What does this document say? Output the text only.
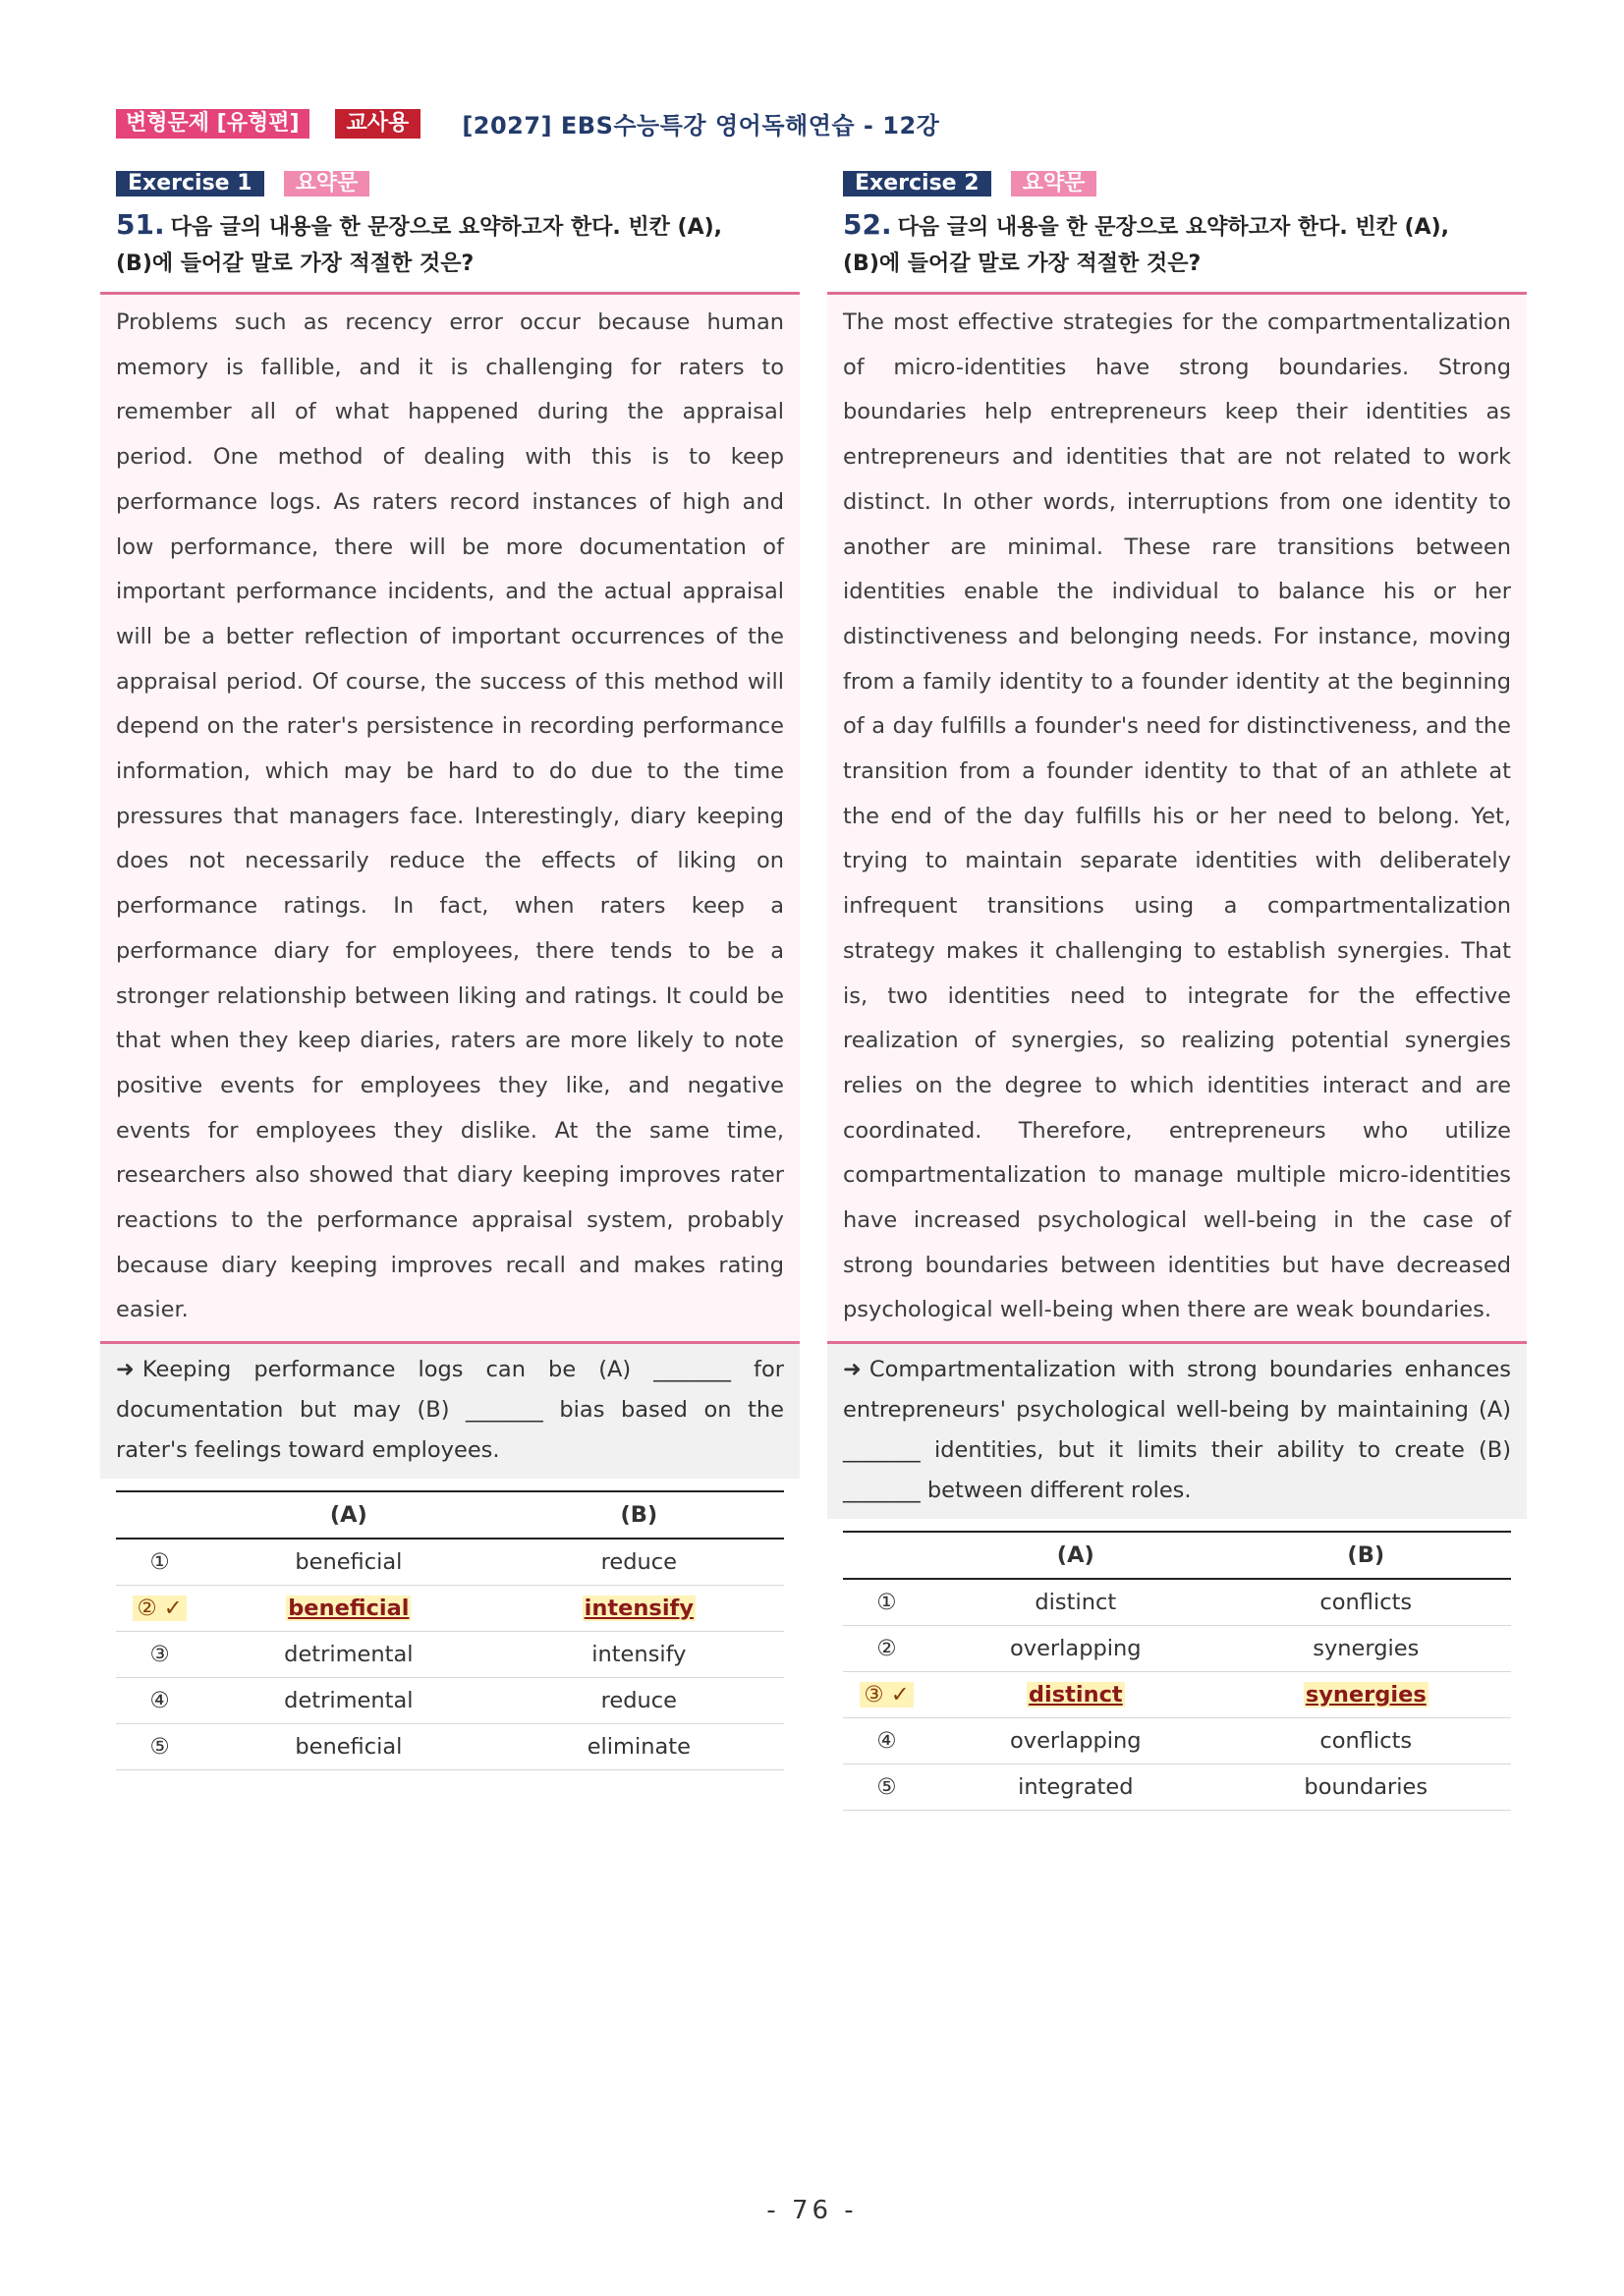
변형문제 [유형편]	교사용	[2027] EBS수능특강 영어독해연습 - 12강
Exercise 1	요약문
51. 다음 글의 내용을 한 문장으로 요약하고자 한다. 빈칸 (A),
(B)에 들어갈 말로 가장 적절한 것은?
Problems such as recency error occur because human memory is fallible, and it is challenging for raters to remember all of what happened during the appraisal period. One method of dealing with this is to keep performance logs. As raters record instances of high and low performance, there will be more documentation of important performance incidents, and the actual appraisal will be a better reflection of important occurrences of the appraisal period. Of course, the success of this method will depend on the rater's persistence in recording performance information, which may be hard to do due to the time pressures that managers face. Interestingly, diary keeping does not necessarily reduce the effects of liking on performance ratings. In fact, when raters keep a performance diary for employees, there tends to be a stronger relationship between liking and ratings. It could be that when they keep diaries, raters are more likely to note positive events for employees they like, and negative events for employees they dislike. At the same time, researchers also showed that diary keeping improves rater reactions to the performance appraisal system, probably because diary keeping improves recall and makes rating easier.
➜ Keeping performance logs can be (A) _______ for documentation but may (B) _______ bias based on the rater's feelings toward employees.
	(A)	(B)
①	beneficial	reduce
② ✓	beneficial	intensify
③	detrimental	intensify
④	detrimental	reduce
⑤	beneficial	eliminate
Exercise 2	요약문
52. 다음 글의 내용을 한 문장으로 요약하고자 한다. 빈칸 (A),
(B)에 들어갈 말로 가장 적절한 것은?
The most effective strategies for the compartmentalization of micro-identities have strong boundaries. Strong boundaries help entrepreneurs keep their identities as entrepreneurs and identities that are not related to work distinct. In other words, interruptions from one identity to another are minimal. These rare transitions between identities enable the individual to balance his or her distinctiveness and belonging needs. For instance, moving from a family identity to a founder identity at the beginning of a day fulfills a founder's need for distinctiveness, and the transition from a founder identity to that of an athlete at the end of the day fulfills his or her need to belong. Yet, trying to maintain separate identities with deliberately infrequent transitions using a compartmentalization strategy makes it challenging to establish synergies. That is, two identities need to integrate for the effective realization of synergies, so realizing potential synergies relies on the degree to which identities interact and are coordinated. Therefore, entrepreneurs who utilize compartmentalization to manage multiple micro-identities have increased psychological well-being in the case of strong boundaries between identities but have decreased psychological well-being when there are weak boundaries.
➜ Compartmentalization with strong boundaries enhances entrepreneurs' psychological well-being by maintaining (A) _______ identities, but it limits their ability to create (B) _______ between different roles.
	(A)	(B)
①	distinct	conflicts
②	overlapping	synergies
③ ✓	distinct	synergies
④	overlapping	conflicts
⑤	integrated	boundaries
- 76 -
